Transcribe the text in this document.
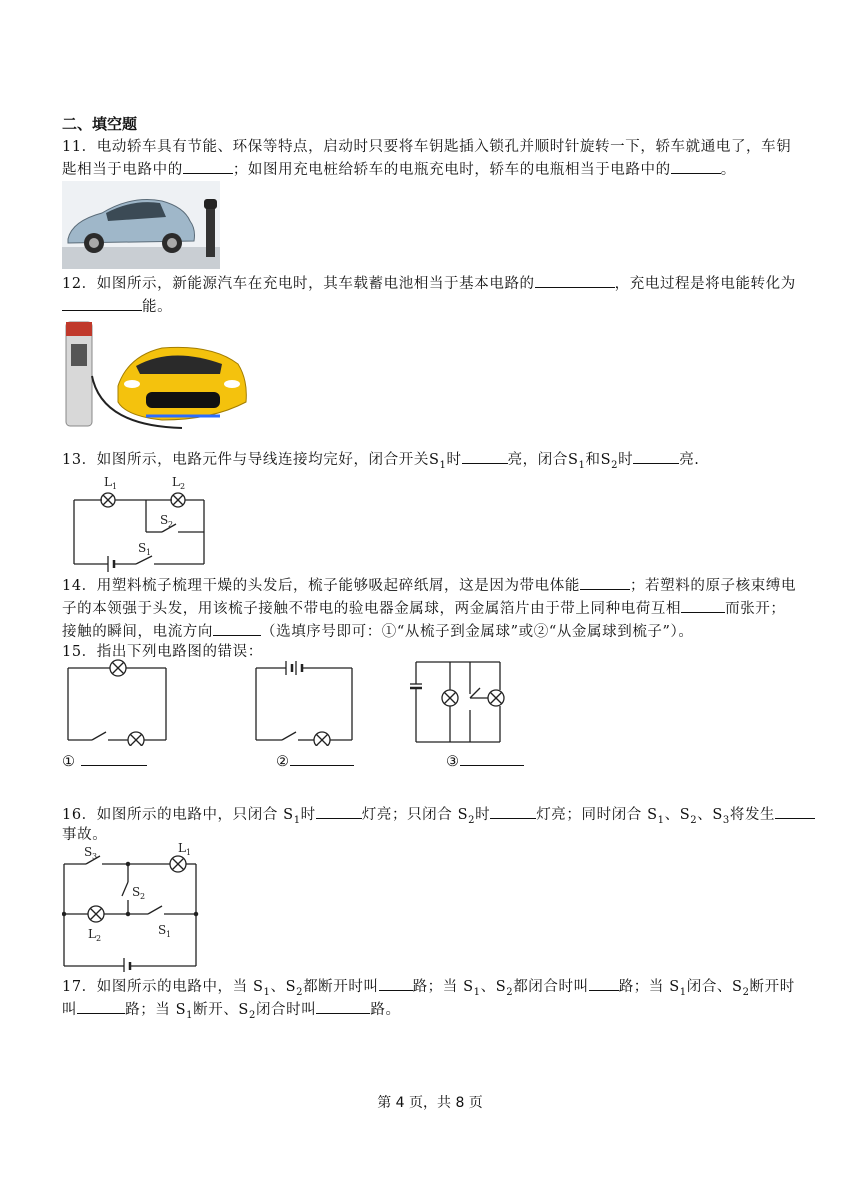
二、填空题
11．电动轿车具有节能、环保等特点，启动时只要将车钥匙插入锁孔并顺时针旋转一下，轿车就通电了，车钥
匙相当于电路中的	；如图用充电桩给轿车的电瓶充电时，轿车的电瓶相当于电路中的	。
12．如图所示，新能源汽车在充电时，其车载蓄电池相当于基本电路的	，充电过程是将电能转化为
能。
13．如图所示，电路元件与导线连接均完好，闭合开关$S_1$时	亮，闭合$S_1$和$S_2$时	亮.
L 1	L 2
S 2
S 1
14．用塑料梳子梳理干燥的头发后，梳子能够吸起碎纸屑，这是因为带电体能	；若塑料的原子核束缚电
子的本领强于头发，用该梳子接触不带电的验电器金属球，两金属箔片由于带上同种电荷互相	而张开；
接触的瞬间，电流方向	（选填序号即可：①“从梳子到金属球”或②“从金属球到梳子”）。
15．指出下列电路图的错误：
①	②	③
16．如图所示的电路中，只闭合 $S_1$时	灯亮；只闭合 $S_2$时	灯亮；同时闭合 $S_1$、$S_2$、$S_3$将发生
事故。
S 3
L 1
S 2
L 2
S 1
17．如图所示的电路中，当 $S_1$、$S_2$都断开时叫 路；当 $S_1$、$S_2$都闭合时叫 路；当 $S_1$闭合、$S_2$断开时
叫	路；当 $S_1$断开、$S_2$闭合时叫	路。
第 4 页，共 8 页
